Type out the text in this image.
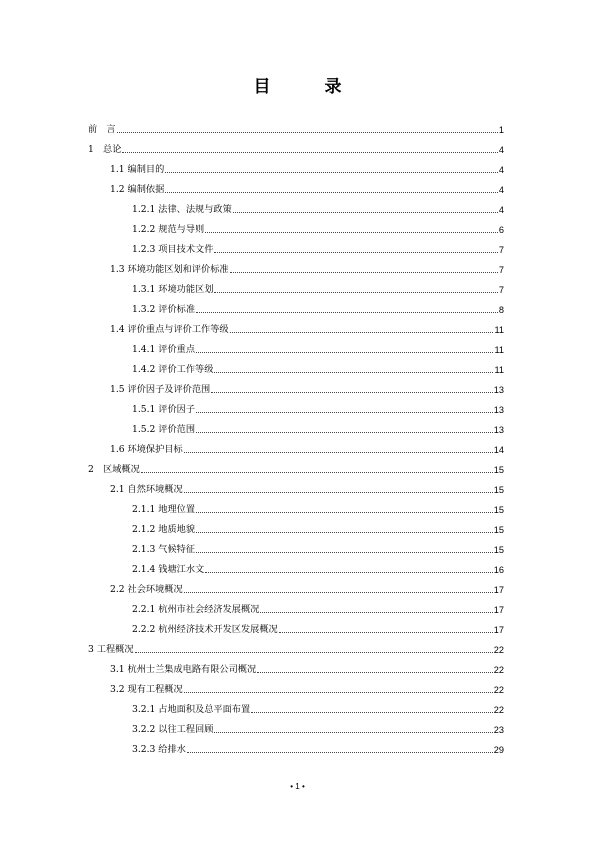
目 录
前　言	1
1　总论	4
1.1 编制目的	4
1.2 编制依据	4
1.2.1 法律、法规与政策	4
1.2.2 规范与导则	6
1.2.3 项目技术文件	7
1.3 环境功能区划和评价标准	7
1.3.1 环境功能区划	7
1.3.2 评价标准	8
1.4 评价重点与评价工作等级	11
1.4.1 评价重点	11
1.4.2 评价工作等级	11
1.5 评价因子及评价范围	13
1.5.1 评价因子	13
1.5.2 评价范围	13
1.6 环境保护目标	14
2　区域概况	15
2.1 自然环境概况	15
2.1.1 地理位置	15
2.1.2 地质地貌	15
2.1.3 气候特征	15
2.1.4 钱塘江水文	16
2.2 社会环境概况	17
2.2.1 杭州市社会经济发展概况	17
2.2.2 杭州经济技术开发区发展概况	17
3 工程概况	22
3.1 杭州士兰集成电路有限公司概况	22
3.2 现有工程概况	22
3.2.1 占地面积及总平面布置	22
3.2.2 以往工程回顾	23
3.2.3 给排水	29
• 1 •
